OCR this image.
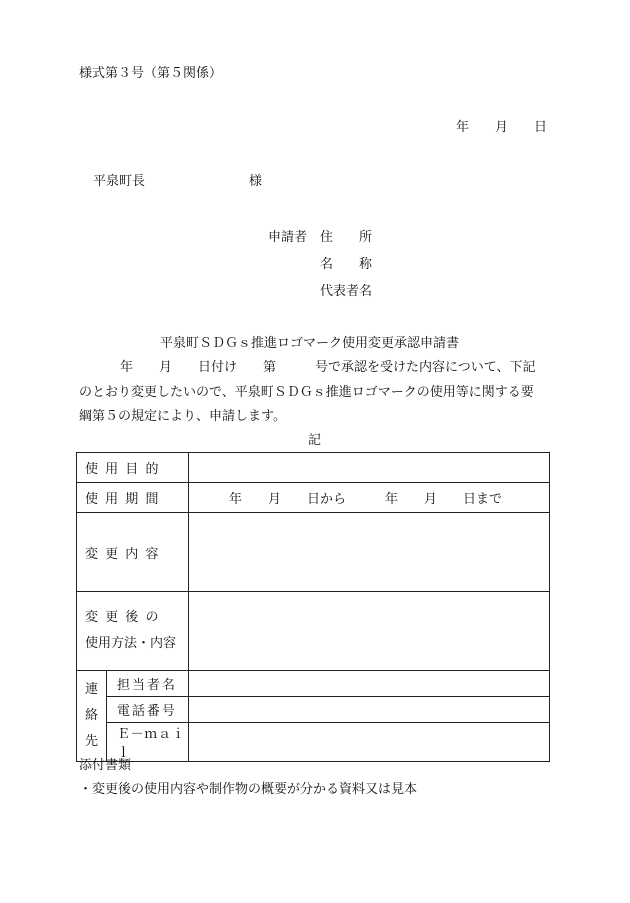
様式第３号（第５関係）
年　　月　　日
平泉町長　　　　　　　　様
申請者 住　　所
名　　称
代表者名
平泉町ＳＤＧｓ推進ロゴマーク使用変更承認申請書
年　　月　　日付け　　第　　　号で承認を受けた内容について、下記
のとおり変更したいので、平泉町ＳＤＧｓ推進ロゴマークの使用等に関する要
綱第５の規定により、申請します。
記
使用目的		
使用期間		年　　月　　日から　　　年　　月　　日まで
変更内容		

変更後の
使用方法・内容		

連
絡
先	担当者名	
	電話番号	
	Ｅ－ｍａｉｌ	
添付書類
・変更後の使用内容や制作物の概要が分かる資料又は見本
